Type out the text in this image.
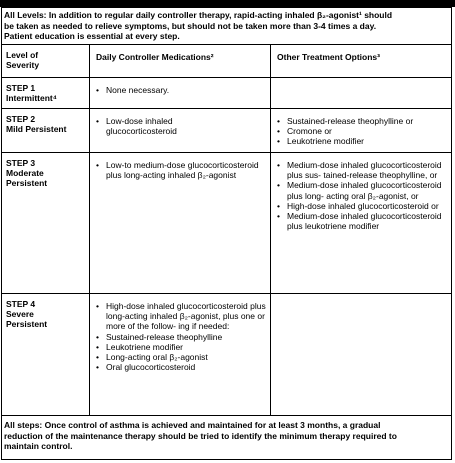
All Levels: In addition to regular daily controller therapy, rapid-acting inhaled β₂-agonist¹ should
be taken as needed to relieve symptoms, but should not be taken more than 3-4 times a day.
Patient education is essential at every step.
Level of
Severity
Daily Controller Medications²	Other Treatment Options³
STEP 1
Intermittent⁴
• None necessary.
STEP 2
Mild Persistent
• Low-dose inhaled glucocorticosteroid
• Sustained-release theophylline or
• Cromone or
• Leukotriene modifier
STEP 3
Moderate
Persistent
• Low-to medium-dose glucocorticosteroid plus long-acting inhaled β₂-agonist
• Medium-dose inhaled glucocorticosteroid plus sus- tained-release theophylline, or
• Medium-dose inhaled glucocorticosteroid plus long- acting oral β₂-agonist, or
• High-dose inhaled glucocorticosteroid or
• Medium-dose inhaled glucocorticosteroid plus leukotriene modifier
STEP 4
Severe
Persistent
• High-dose inhaled glucocorticosteroid plus long-acting inhaled β₂-agonist, plus one or more of the follow- ing if needed:
• Sustained-release theophylline
• Leukotriene modifier
• Long-acting oral β₂-agonist
• Oral glucocorticosteroid
All steps: Once control of asthma is achieved and maintained for at least 3 months, a gradual
reduction of the maintenance therapy should be tried to identify the minimum therapy required to
maintain control.
